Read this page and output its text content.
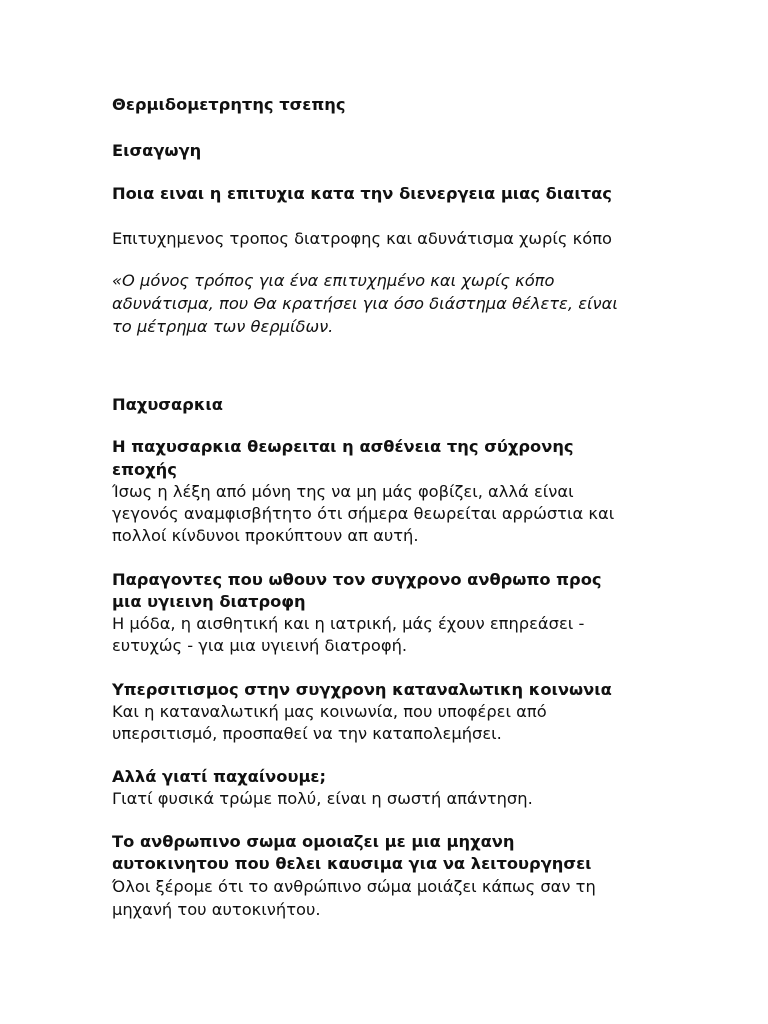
Θερμιδομετρητης τσεπης

Εισαγωγη

Ποια ειναι η επιτυχια κατα την διενεργεια μιας διαιτας

Επιτυχημενος τροπος διατροφης και αδυνάτισμα χωρίς κόπο

«Ο μόνος τρόπος για ένα επιτυχημένο και χωρίς κόπο

αδυνάτισμα, που Θα κρατήσει για όσο διάστημα θέλετε, είναι

το μέτρημα των θερμίδων.

Παχυσαρκια

Η παχυσαρκια θεωρειται η ασθένεια της σύχρονης

εποχής

Ίσως η λέξη από μόνη της να μη μάς φοβίζει, αλλά είναι

γεγονός αναμφισβήτητο ότι σήμερα θεωρείται αρρώστια και

πολλοί κίνδυνοι προκύπτουν απ αυτή.

Παραγοντες που ωθουν τον συγχρονο ανθρωπο προς

μια υγιεινη διατροφη

Η μόδα, η αισθητική και η ιατρική, μάς έχουν επηρεάσει -

ευτυχώς - για μια υγιεινή διατροφή.

Υπερσιτισμος στην συγχρονη καταναλωτικη κοινωνια

Και η καταναλωτική μας κοινωνία, που υποφέρει από

υπερσιτισμό, προσπαθεί να την καταπολεμήσει.

Αλλά γιατί παχαίνουμε;

Γιατί φυσικά τρώμε πολύ, είναι η σωστή απάντηση.

Το ανθρωπινο σωμα ομοιαζει με μια μηχανη

αυτοκινητου που θελει καυσιμα για να λειτουργησει

Όλοι ξέρομε ότι το ανθρώπινο σώμα μοιάζει κάπως σαν τη

μηχανή του αυτοκινήτου.
